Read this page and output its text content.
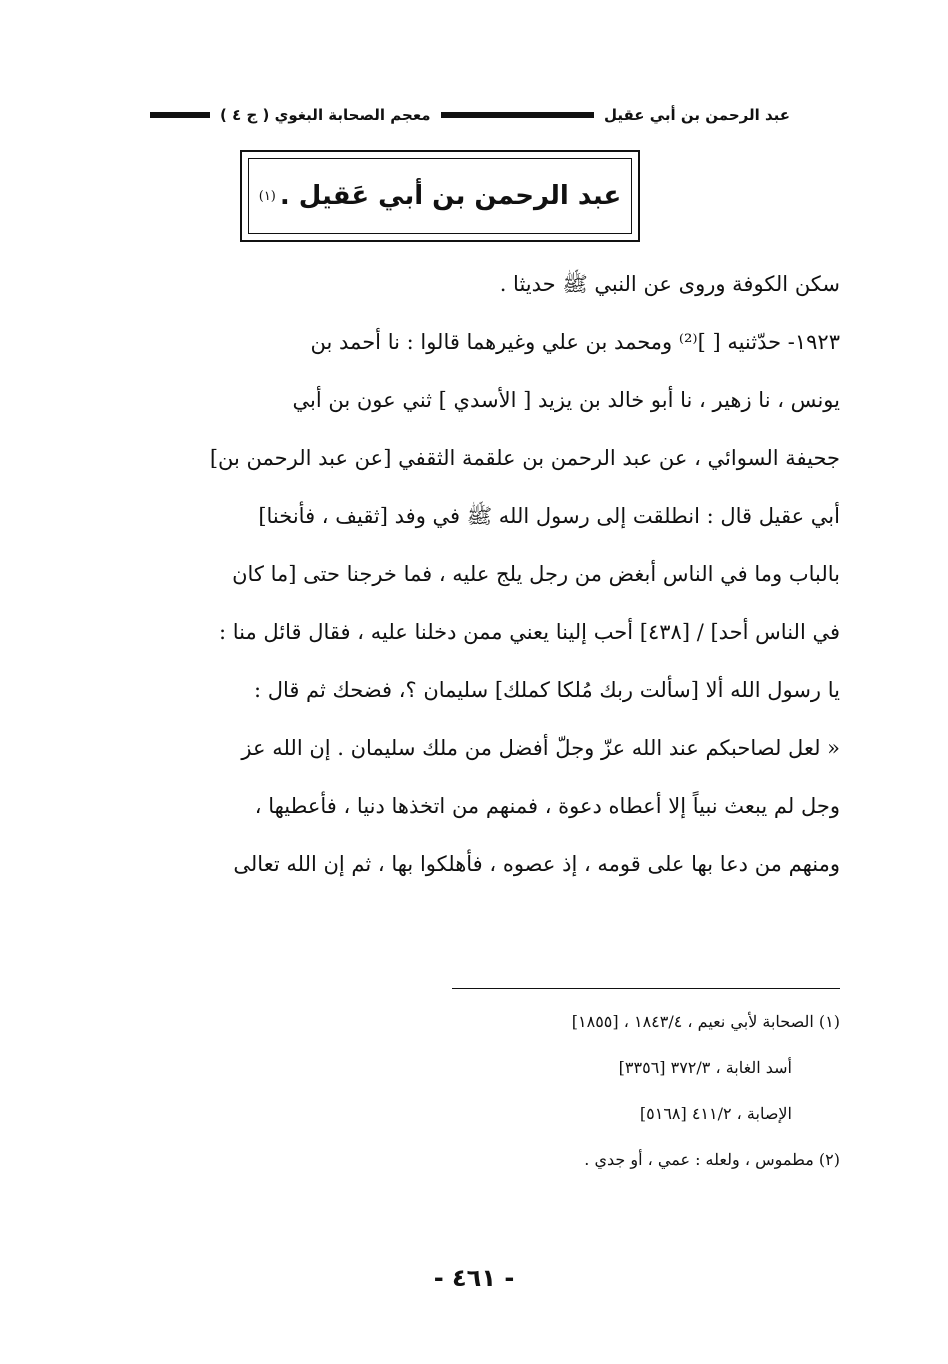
عبد الرحمن بن أبي عقيل
معجم الصحابة البغوي ( ج ٤ )
عبد الرحمن بن أبي عَقيل .
(١)
سكن الكوفة وروى عن النبي ﷺ حديثا .
١٩٢٣- حدّثنيه [ ]⁽²⁾ ومحمد بن علي وغيرهما قالوا : نا أحمد بن
يونس ، نا زهير ، نا أبو خالد بن يزيد [ الأسدي ] ثني عون بن أبي
جحيفة السوائي ، عن عبد الرحمن بن علقمة الثقفي [عن عبد الرحمن بن]
أبي عقيل قال : انطلقت إلى رسول الله ﷺ في وفد [ثقيف ، فأنخنا]
بالباب وما في الناس أبغض من رجل يلج عليه ، فما خرجنا حتى [ما كان
في الناس أحد] / [٤٣٨] أحب إلينا يعني ممن دخلنا عليه ، فقال قائل منا :
يا رسول الله ألا [سألت ربك مُلكا كملك] سليمان ؟، فضحك ثم قال :
« لعل لصاحبكم عند الله عزّ وجلّ أفضل من ملك سليمان . إن الله عز
وجل لم يبعث نبياً إلا أعطاه دعوة ، فمنهم من اتخذها دنيا ، فأعطيها ،
ومنهم من دعا بها على قومه ، إذ عصوه ، فأهلكوا بها ، ثم إن الله تعالى
(١) الصحابة لأبي نعيم ، ١٨٤٣/٤ ، [١٨٥٥]
أسد الغابة ، ٣٧٢/٣ [٣٣٥٦]
الإصابة ، ٤١١/٢ [٥١٦٨]
(٢) مطموس ، ولعله : عمي ، أو جدي .
- ٤٦١ -
